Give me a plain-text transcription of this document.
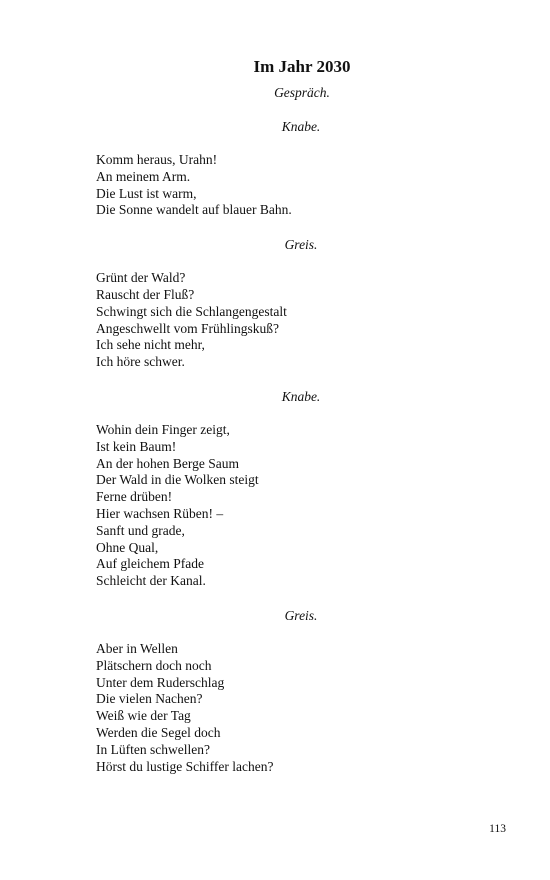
Im Jahr 2030
Gespräch.
Knabe.
Komm heraus, Urahn!
An meinem Arm.
Die Lust ist warm,
Die Sonne wandelt auf blauer Bahn.
Greis.
Grünt der Wald?
Rauscht der Fluß?
Schwingt sich die Schlangengestalt
Angeschwellt vom Frühlingskuß?
Ich sehe nicht mehr,
Ich höre schwer.
Knabe.
Wohin dein Finger zeigt,
Ist kein Baum!
An der hohen Berge Saum
Der Wald in die Wolken steigt
Ferne drüben!
Hier wachsen Rüben! –
Sanft und grade,
Ohne Qual,
Auf gleichem Pfade
Schleicht der Kanal.
Greis.
Aber in Wellen
Plätschern doch noch
Unter dem Ruderschlag
Die vielen Nachen?
Weiß wie der Tag
Werden die Segel doch
In Lüften schwellen?
Hörst du lustige Schiffer lachen?
113
